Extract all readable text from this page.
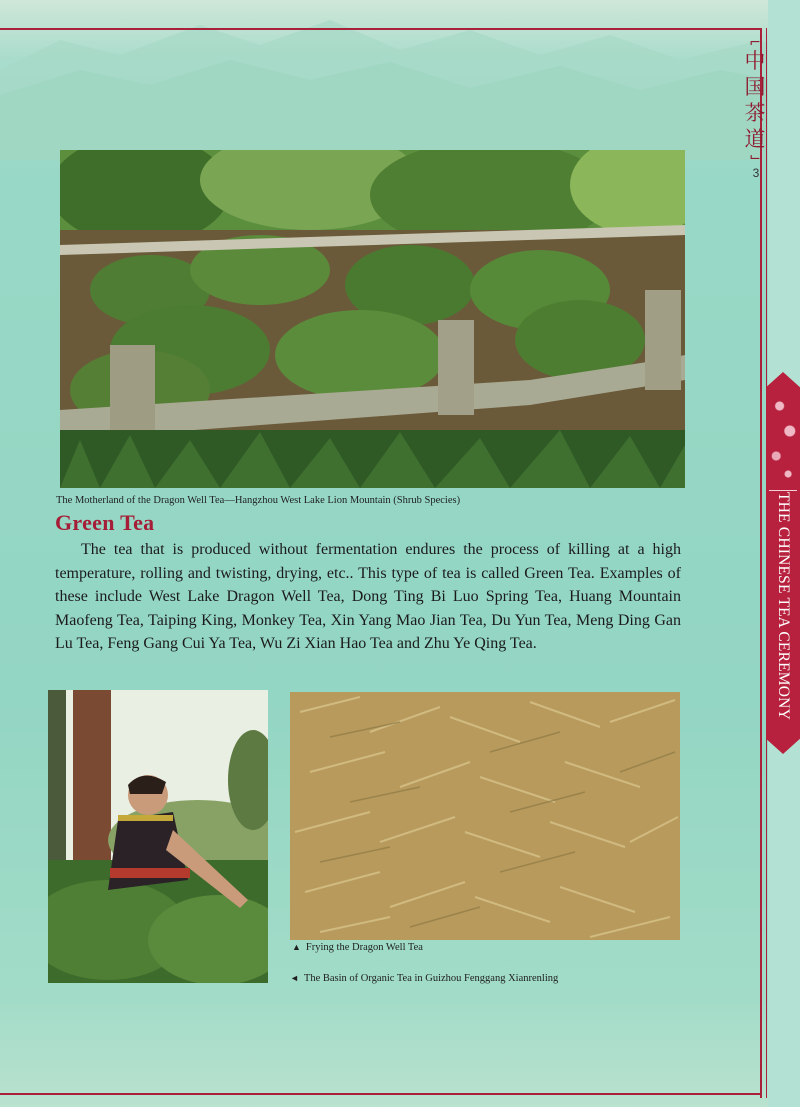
⌐
中
国
茶
道
⌙
3
THE CHINESE TEA CEREMONY
The Motherland of the Dragon Well Tea—Hangzhou West Lake Lion Mountain (Shrub Species)
Green Tea
The tea that is produced without fermentation endures the process of killing at a high temperature, rolling and twisting, drying, etc.. This type of tea is called Green Tea. Examples of these include West Lake Dragon Well Tea, Dong Ting Bi Luo Spring Tea, Huang Mountain Maofeng Tea, Taiping King, Monkey Tea, Xin Yang Mao Jian Tea, Du Yun Tea, Meng Ding Gan Lu Tea, Feng Gang Cui Ya Tea, Wu Zi Xian Hao Tea and Zhu Ye Qing Tea.
▲ Frying the Dragon Well Tea
◄ The Basin of Organic Tea in Guizhou Fenggang Xianrenling
